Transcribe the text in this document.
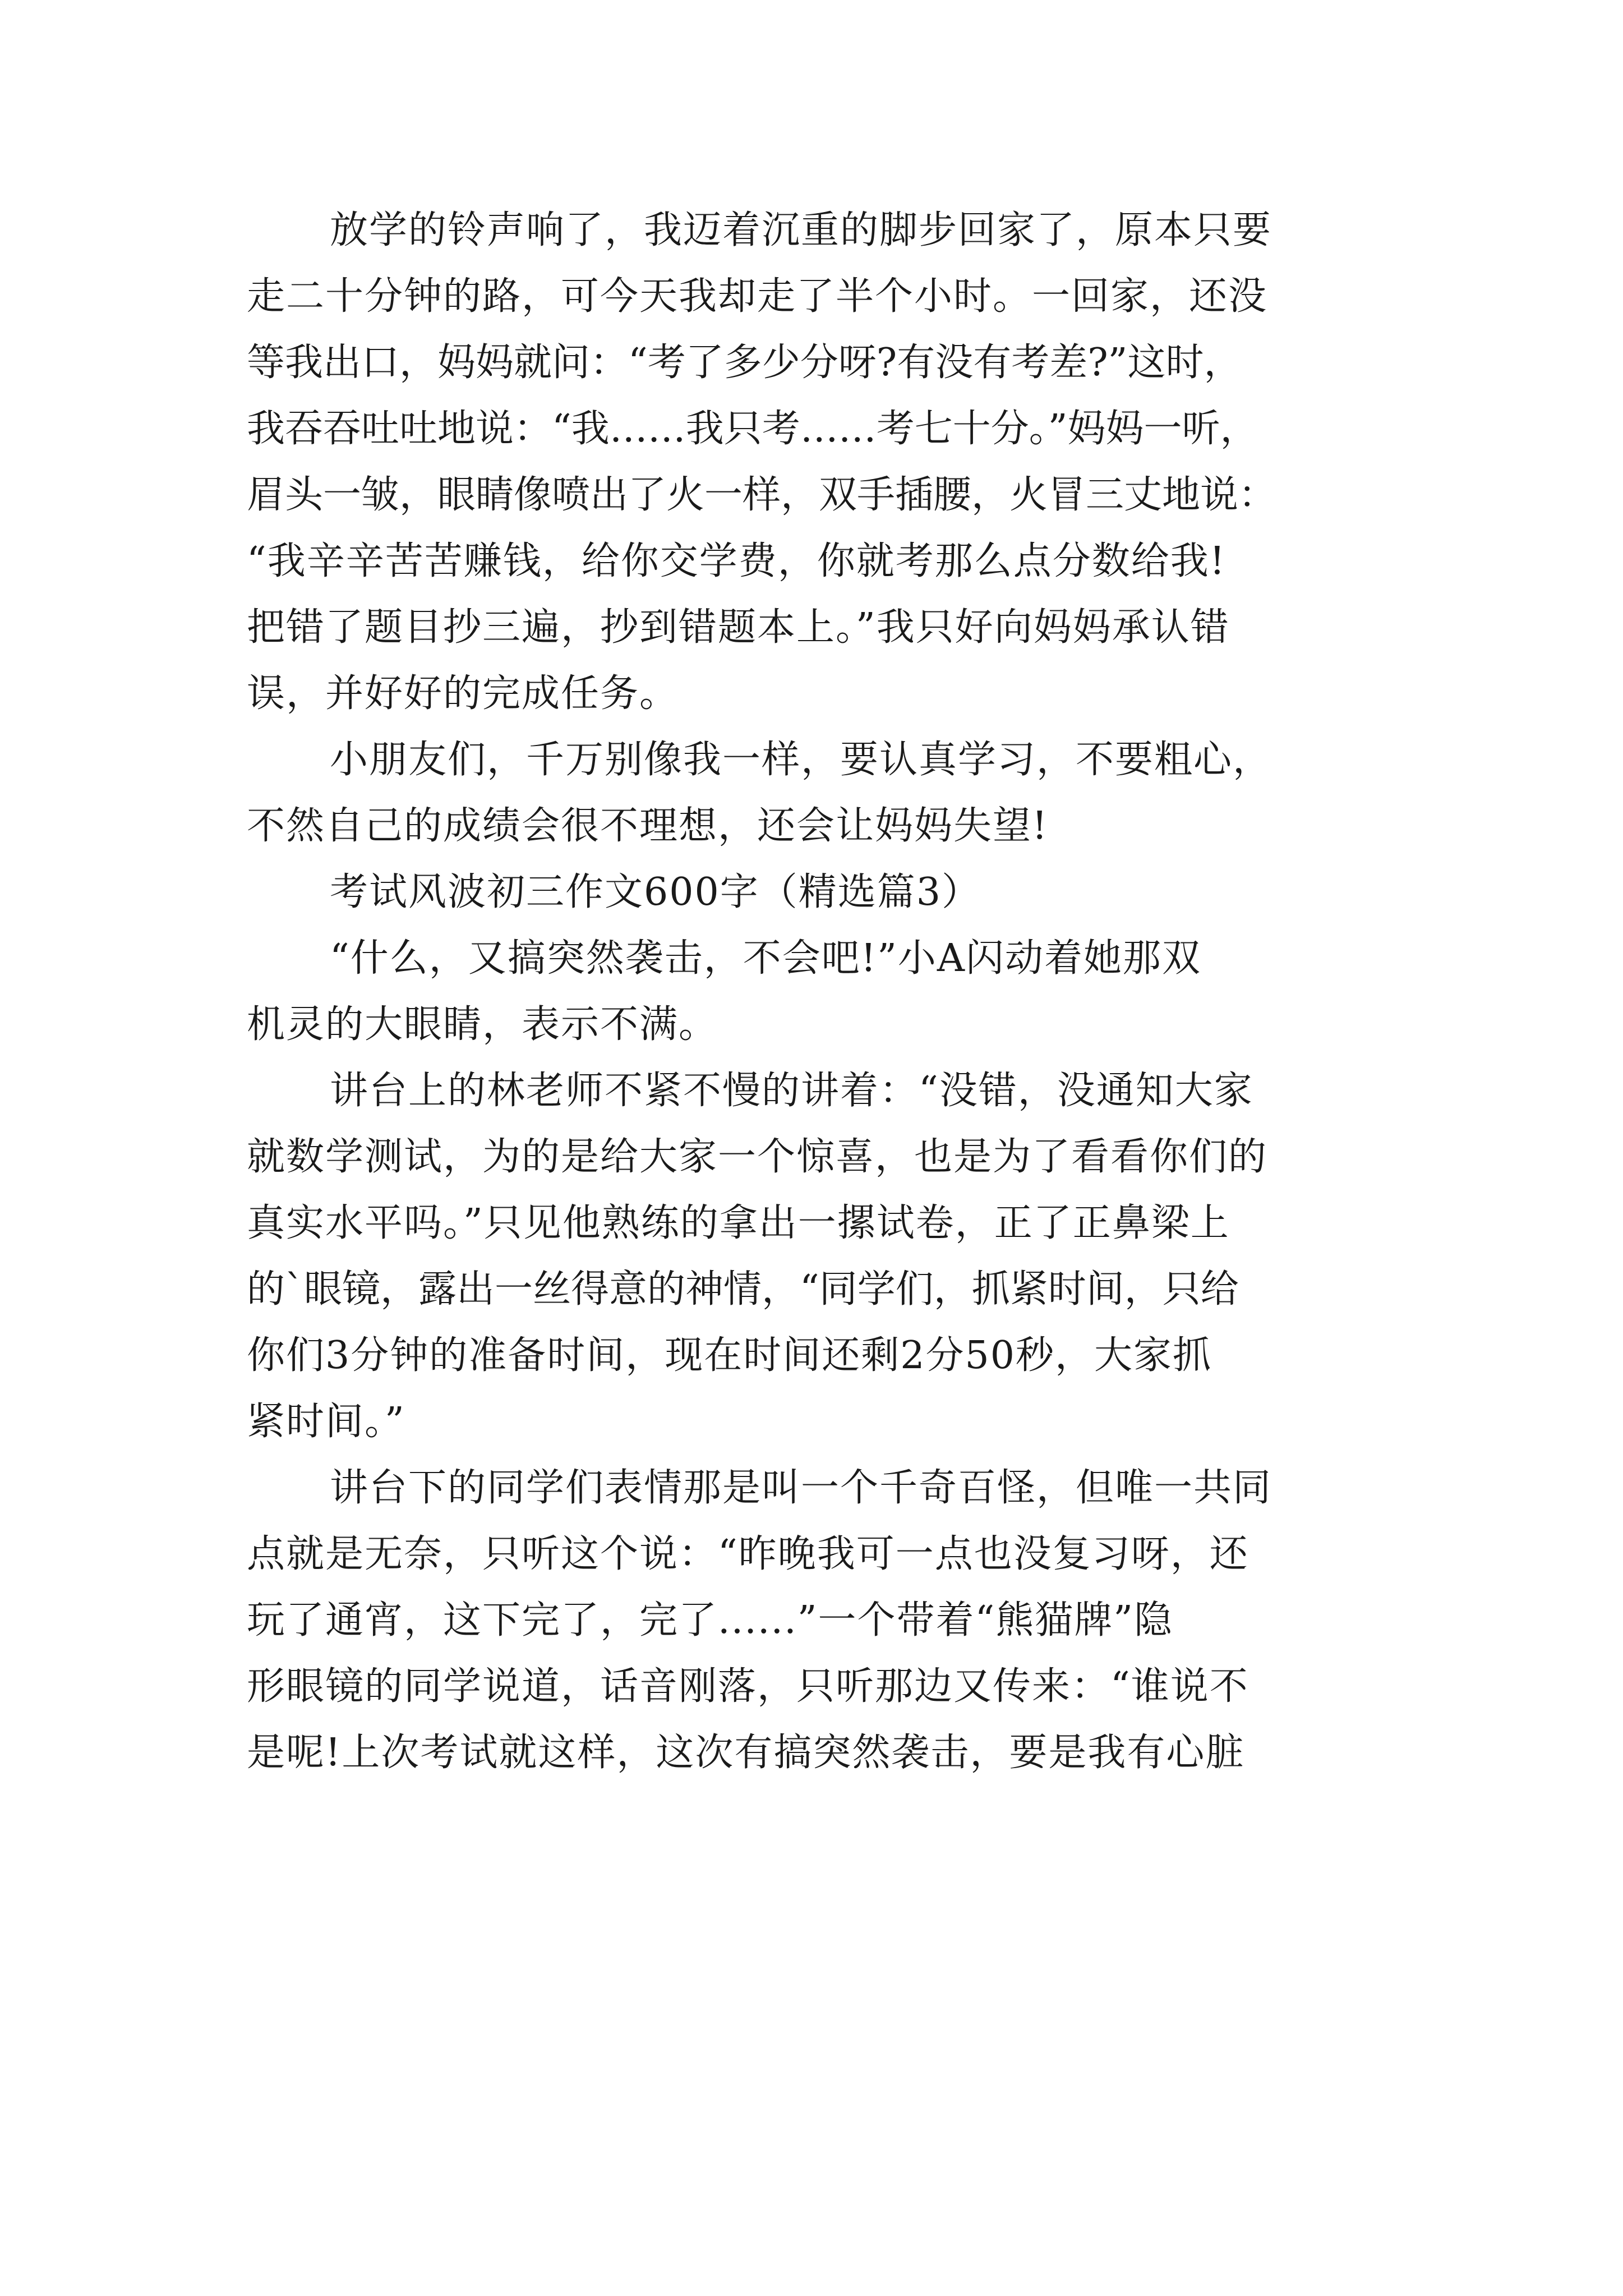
放学的铃声响了，我迈着沉重的脚步回家了，原本只要
走二十分钟的路，可今天我却走了半个小时。一回家，还没
等我出口，妈妈就问：“考了多少分呀?有没有考差?”这时，
我吞吞吐吐地说：“我……我只考……考七十分。”妈妈一听，
眉头一皱，眼睛像喷出了火一样，双手插腰，火冒三丈地说：
“我辛辛苦苦赚钱，给你交学费，你就考那么点分数给我!
把错了题目抄三遍，抄到错题本上。”我只好向妈妈承认错
误，并好好的完成任务。
小朋友们，千万别像我一样，要认真学习，不要粗心，
不然自己的成绩会很不理想，还会让妈妈失望!
考试风波初三作文600字（精选篇3）
“什么，又搞突然袭击，不会吧!”小A闪动着她那双
机灵的大眼睛，表示不满。
讲台上的林老师不紧不慢的讲着：“没错，没通知大家
就数学测试，为的是给大家一个惊喜，也是为了看看你们的
真实水平吗。”只见他熟练的拿出一摞试卷，正了正鼻梁上
的`眼镜，露出一丝得意的神情，“同学们，抓紧时间，只给
你们3分钟的准备时间，现在时间还剩2分50秒，大家抓
紧时间。”
讲台下的同学们表情那是叫一个千奇百怪，但唯一共同
点就是无奈，只听这个说：“昨晚我可一点也没复习呀，还
玩了通宵，这下完了，完了......”一个带着“熊猫牌”隐
形眼镜的同学说道，话音刚落，只听那边又传来：“谁说不
是呢!上次考试就这样，这次有搞突然袭击，要是我有心脏
